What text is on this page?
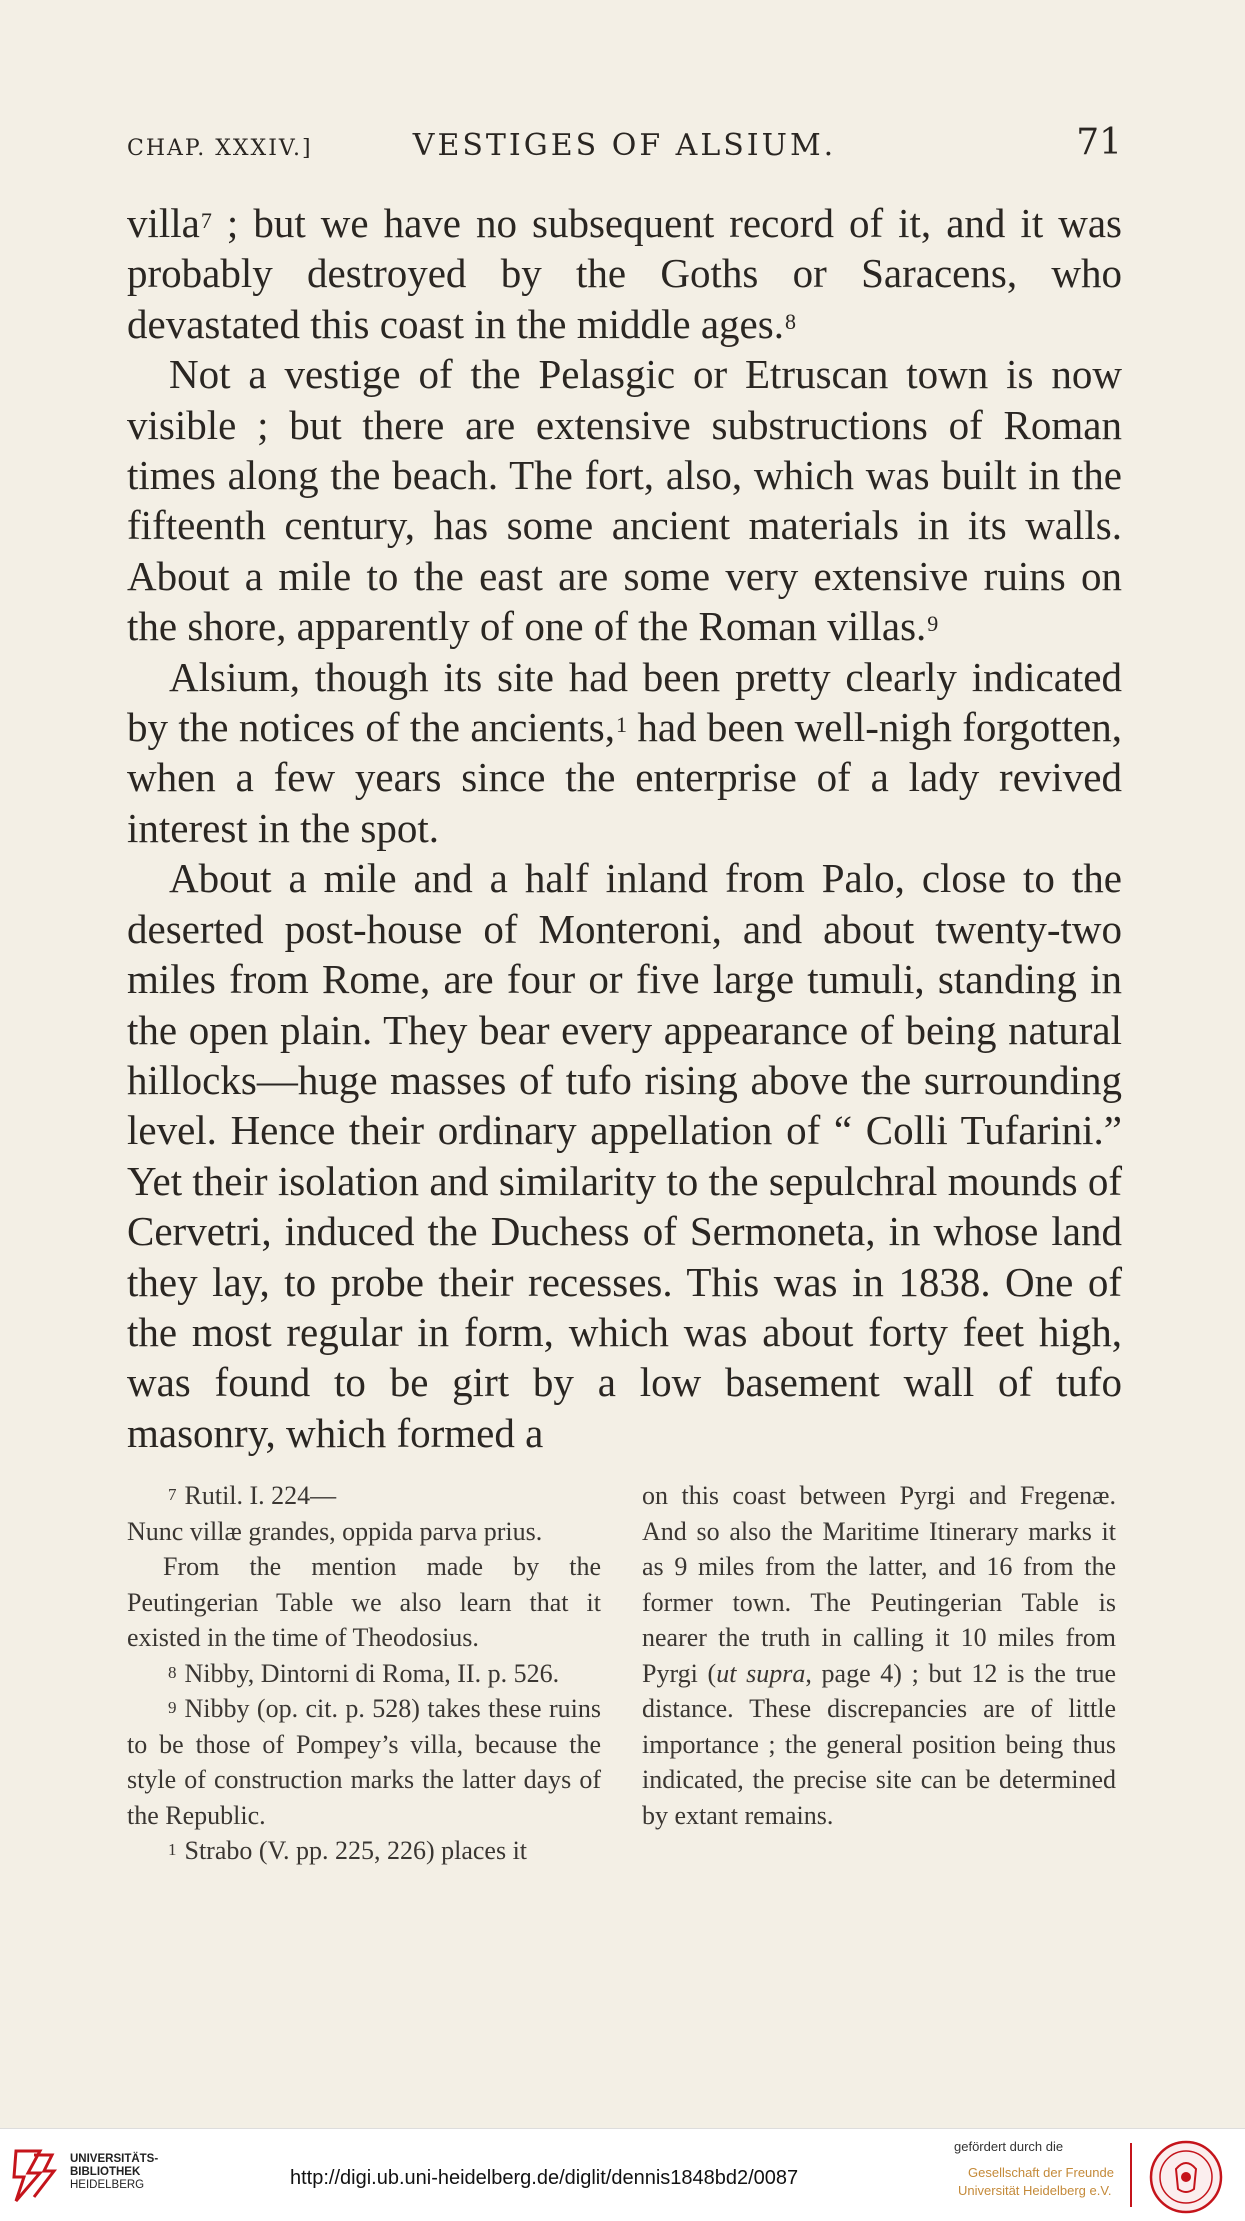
CHAP. XXXIV.]	VESTIGES OF ALSIUM.	71

villa$^7$ ; but we have no subsequent record of it, and it was probably destroyed by the Goths or Saracens, who devastated this coast in the middle ages.$^8$

Not a vestige of the Pelasgic or Etruscan town is now visible ; but there are extensive substructions of Roman times along the beach. The fort, also, which was built in the fifteenth century, has some ancient materials in its walls. About a mile to the east are some very extensive ruins on the shore, apparently of one of the Roman villas.$^9$

Alsium, though its site had been pretty clearly indicated by the notices of the ancients,$^1$ had been well-nigh forgotten, when a few years since the enterprise of a lady revived interest in the spot.

About a mile and a half inland from Palo, close to the deserted post-house of Monteroni, and about twenty-two miles from Rome, are four or five large tumuli, standing in the open plain. They bear every appearance of being natural hillocks—huge masses of tufo rising above the surrounding level. Hence their ordinary appellation of “ Colli Tufarini.” Yet their isolation and similarity to the sepulchral mounds of Cervetri, induced the Duchess of Sermoneta, in whose land they lay, to probe their recesses. This was in 1838. One of the most regular in form, which was about forty feet high, was found to be girt by a low basement wall of tufo masonry, which formed a

$^7$ Rutil. I. 224—

Nunc villæ grandes, oppida parva prius.

From the mention made by the Peutingerian Table we also learn that it existed in the time of Theodosius.

$^8$ Nibby, Dintorni di Roma, II. p. 526.

$^9$ Nibby (op. cit. p. 528) takes these ruins to be those of Pompey’s villa, because the style of construction marks the latter days of the Republic.

$^1$ Strabo (V. pp. 225, 226) places it

on this coast between Pyrgi and Fregenæ. And so also the Maritime Itinerary marks it as 9 miles from the latter, and 16 from the former town. The Peutingerian Table is nearer the truth in calling it 10 miles from Pyrgi (ut supra, page 4) ; but 12 is the true distance. These discrepancies are of little importance ; the general position being thus indicated, the precise site can be determined by extant remains.

UNIVERSITÄTS-
BIBLIOTHEK
HEIDELBERG	http://digi.ub.uni-heidelberg.de/diglit/dennis1848bd2/0087
gefördert durch die
Gesellschaft der Freunde
Universität Heidelberg e.V.
